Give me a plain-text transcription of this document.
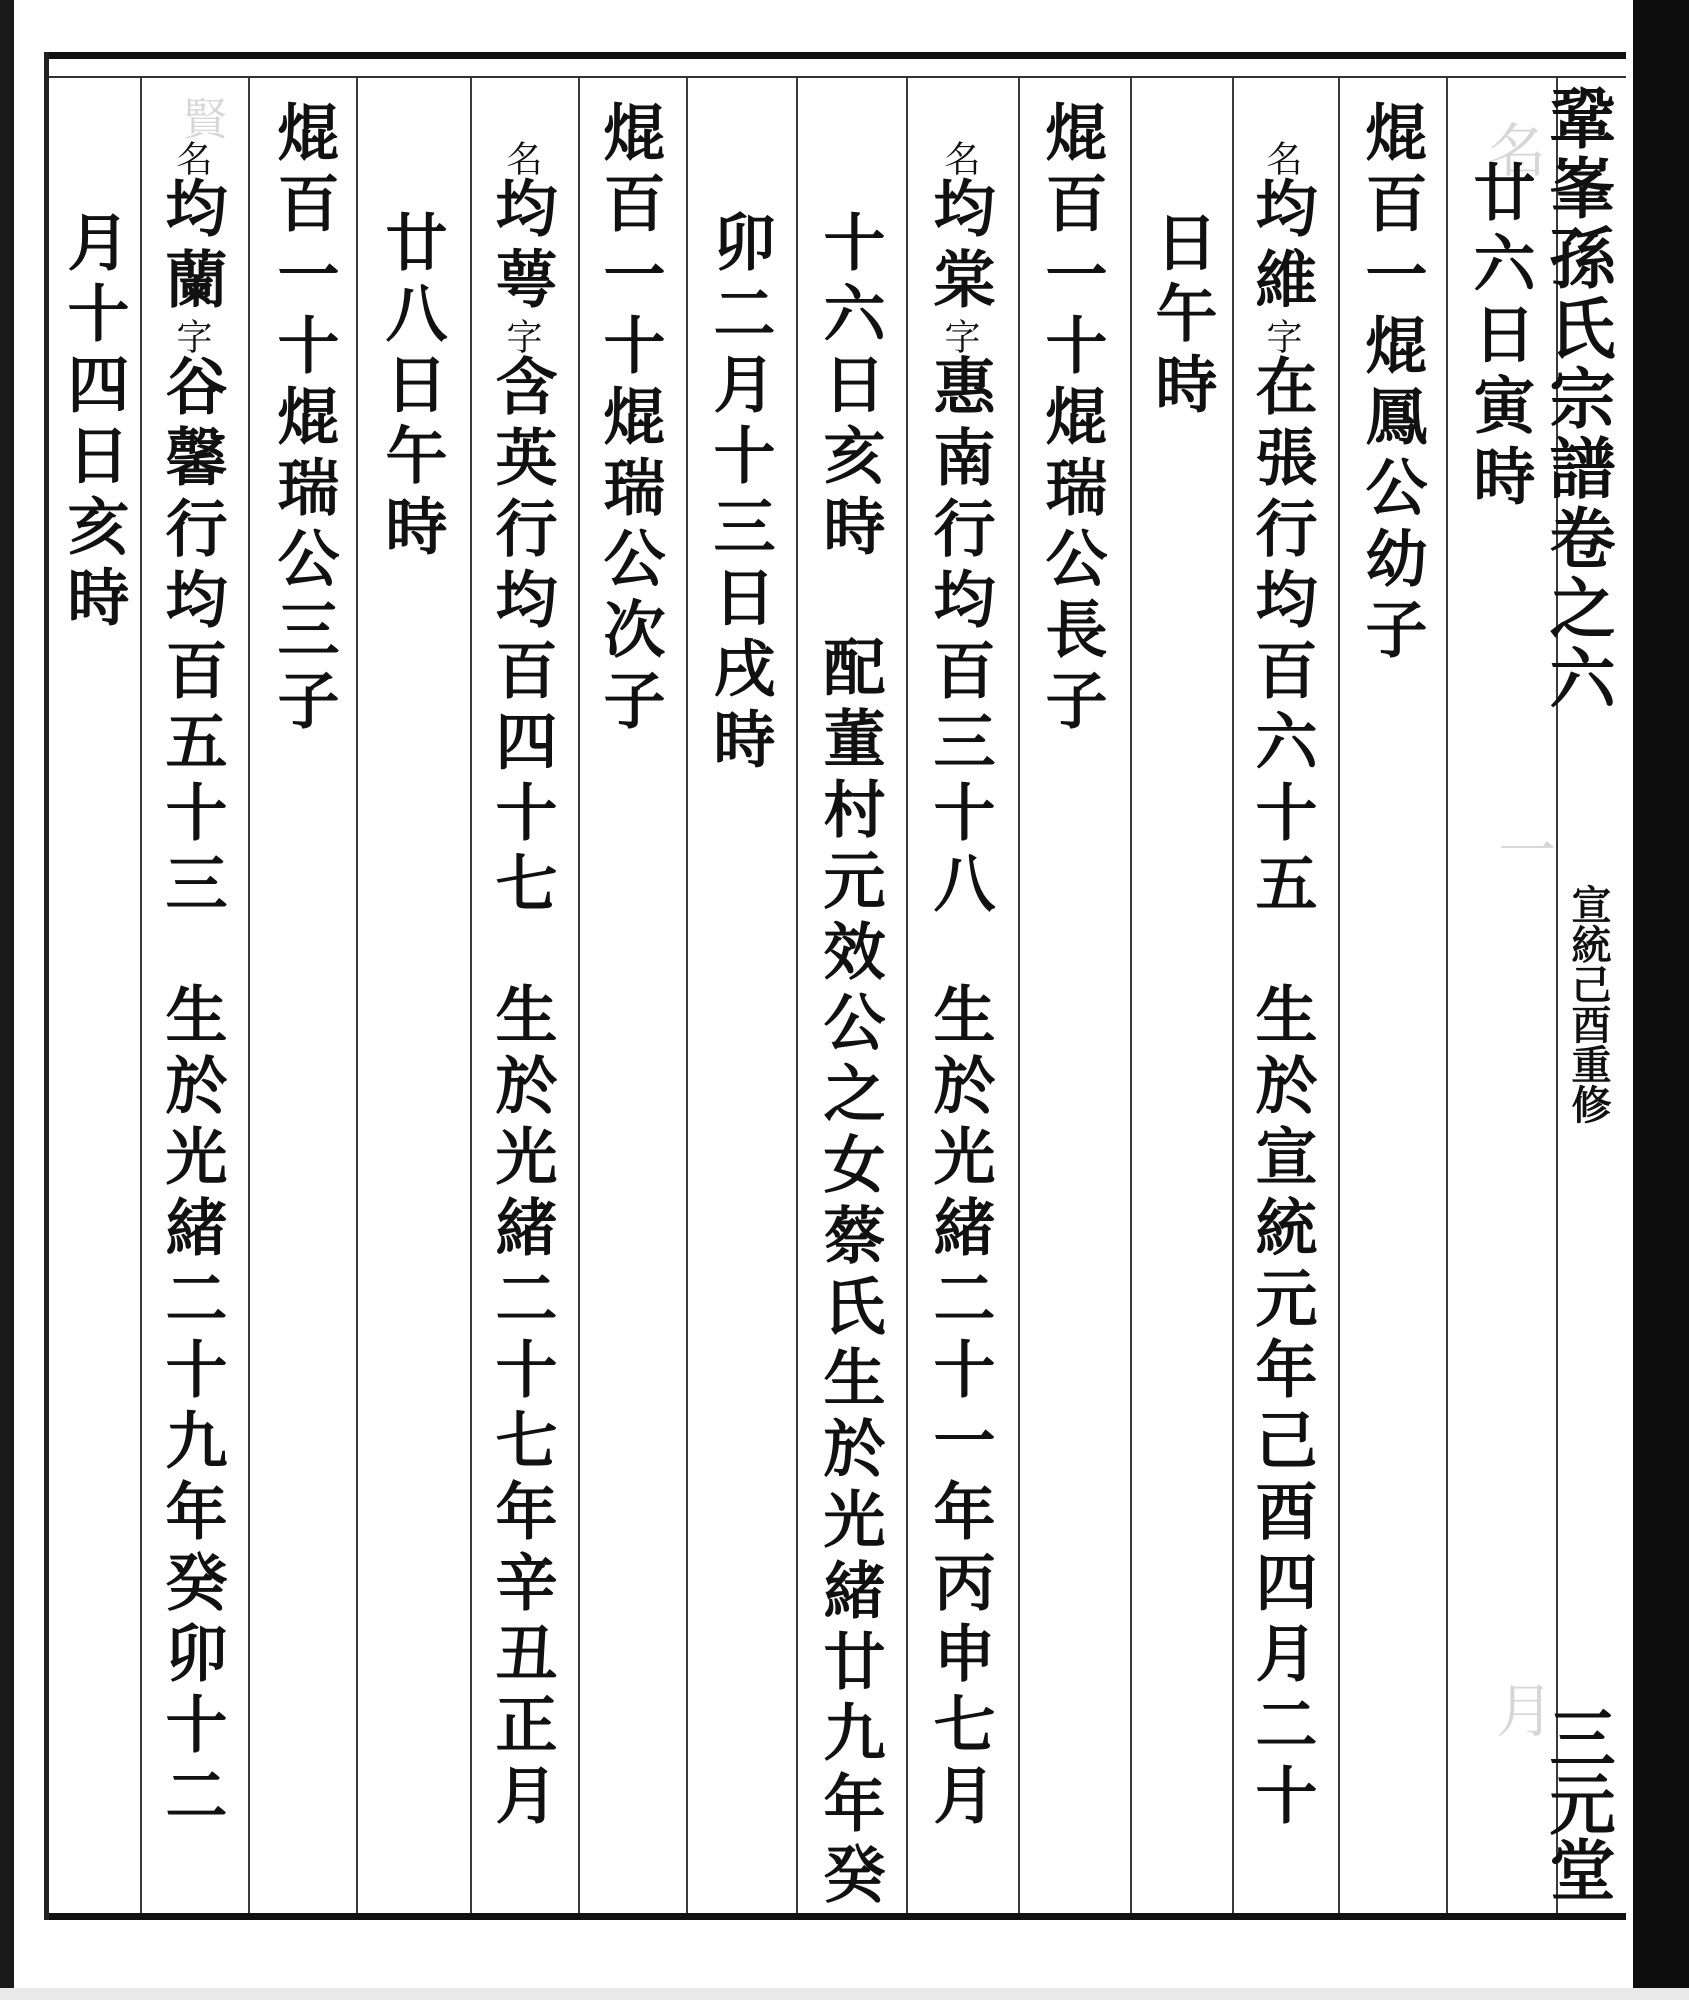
名
一
月
賢	鞏峯孫氏宗譜卷之六
宣統己酉重修
三元堂
廿六日寅時
焜百一焜鳳公幼子
名均維字在張行均百六十五生於宣統元年己酉四月二十
日午時
焜百一十焜瑞公長子
名均棠字惠南行均百三十八生於光緒二十一年丙申七月
十六日亥時配董村元效公之女蔡氏生於光緒廿九年癸
卯二月十三日戌時
焜百一十焜瑞公次子
名均萼字含英行均百四十七生於光緒二十七年辛丑正月
廿八日午時
焜百一十焜瑞公三子
名均蘭字谷馨行均百五十三生於光緒二十九年癸卯十二
月十四日亥時
